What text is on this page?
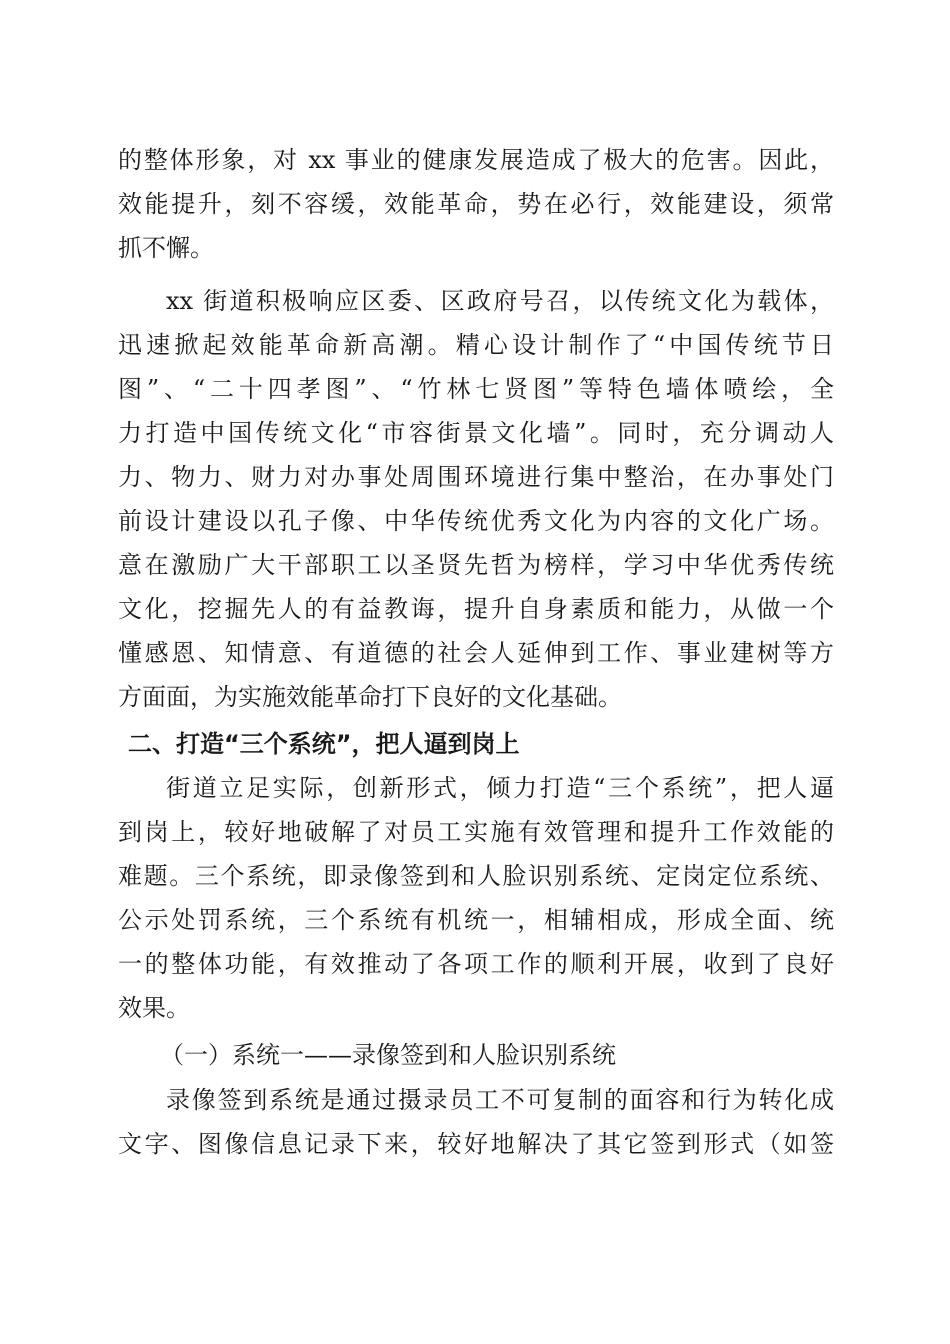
的整体形象，对 xx 事业的健康发展造成了极大的危害。因此，
效能提升，刻不容缓，效能革命，势在必行，效能建设，须常
抓不懈。
xx 街道积极响应区委、区政府号召，以传统文化为载体，
迅速掀起效能革命新高潮。精心设计制作了“中国传统节日
图”、“二十四孝图”、“竹林七贤图”等特色墙体喷绘，全
力打造中国传统文化“市容街景文化墙”。同时，充分调动人
力、物力、财力对办事处周围环境进行集中整治，在办事处门
前设计建设以孔子像、中华传统优秀文化为内容的文化广场。
意在激励广大干部职工以圣贤先哲为榜样，学习中华优秀传统
文化，挖掘先人的有益教诲，提升自身素质和能力，从做一个
懂感恩、知情意、有道德的社会人延伸到工作、事业建树等方
方面面，为实施效能革命打下良好的文化基础。
二、打造“三个系统”，把人逼到岗上
街道立足实际，创新形式，倾力打造“三个系统”，把人逼
到岗上，较好地破解了对员工实施有效管理和提升工作效能的
难题。三个系统，即录像签到和人脸识别系统、定岗定位系统、
公示处罚系统，三个系统有机统一，相辅相成，形成全面、统
一的整体功能，有效推动了各项工作的顺利开展，收到了良好
效果。
（一）系统一——录像签到和人脸识别系统
录像签到系统是通过摄录员工不可复制的面容和行为转化成
文字、图像信息记录下来，较好地解决了其它签到形式（如签
